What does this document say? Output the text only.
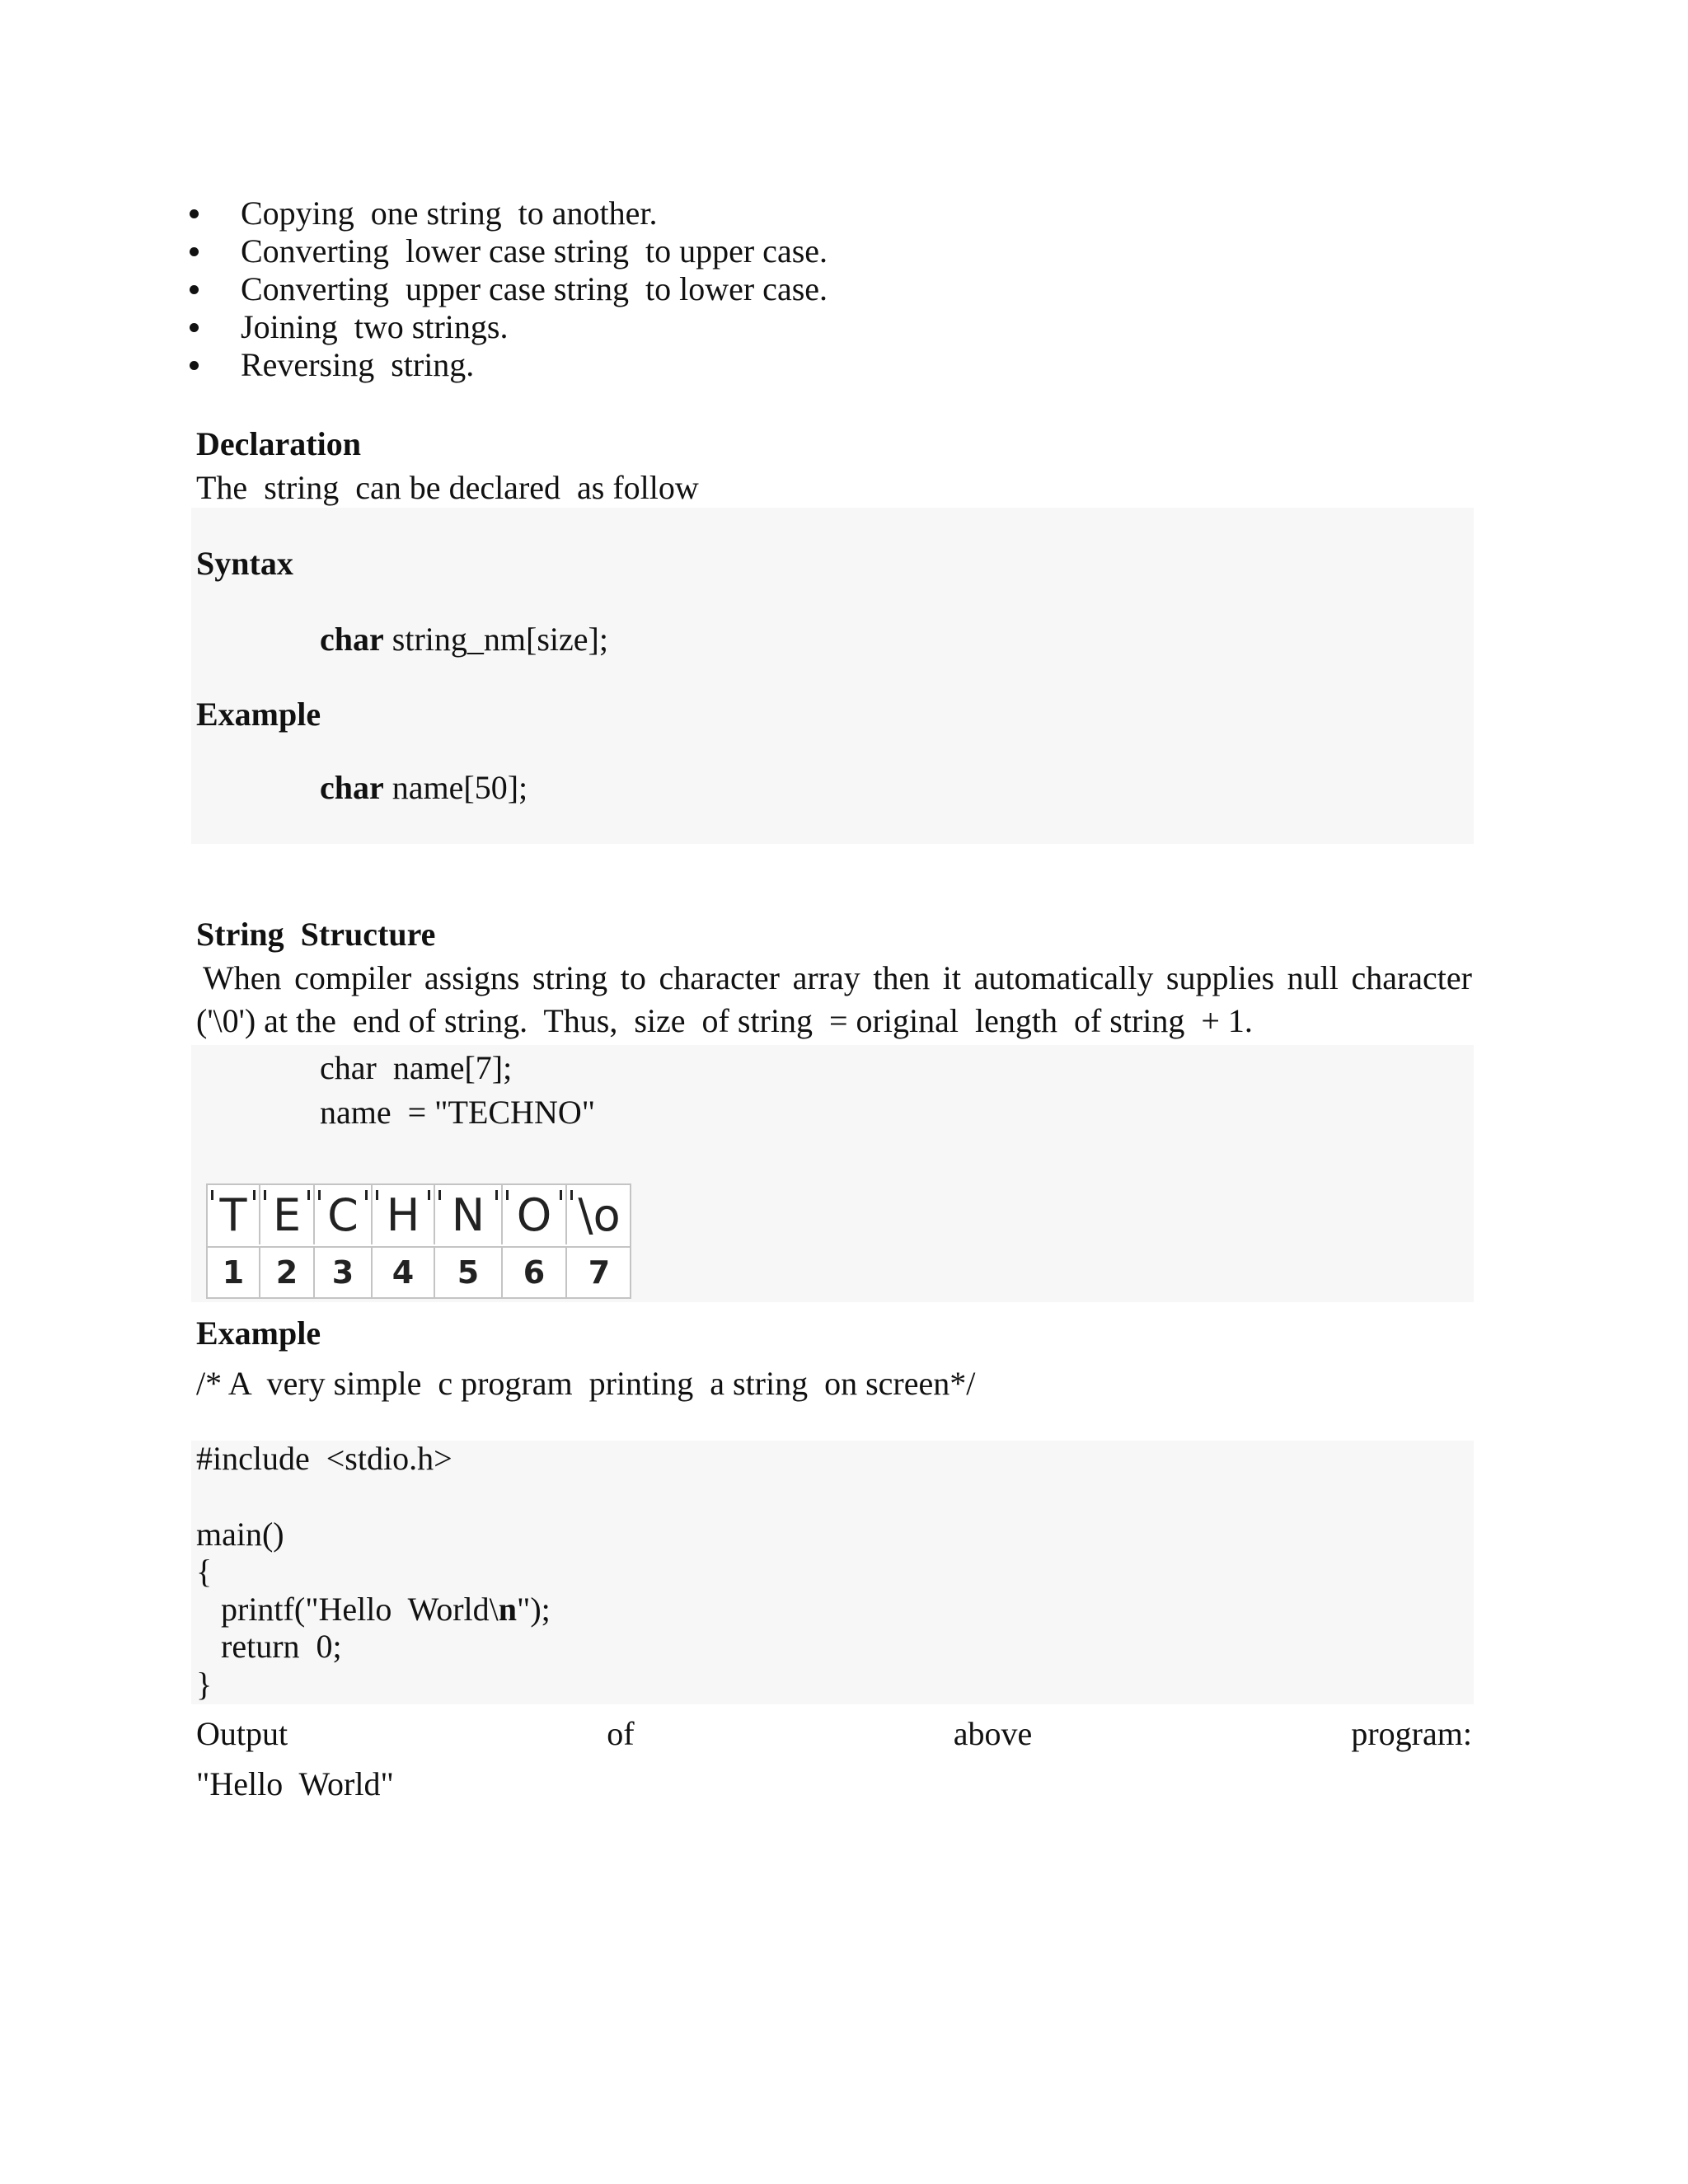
Copying  one string  to another.

Converting  lower case string  to upper case.

Converting  upper case string  to lower case.

Joining  two strings.

Reversing  string.

Declaration
The  string  can be declared  as follow
Syntax
char string_nm[size];
Example
char name[50];
String  Structure
When compiler assigns string to character array then it automatically supplies null character
('\0') at the  end of string.  Thus,  size  of string  = original  length  of string  + 1.
char  name[7];
name  = "TECHNO"
T E C H N O \o
1	2	3	4	5	6	7
Example
/* A  very simple  c program  printing  a string  on screen*/
#include  <stdio.h>
main()
{
printf("Hello  World\n");
return  0;
}
Output	of	above	program:
"Hello  World"
